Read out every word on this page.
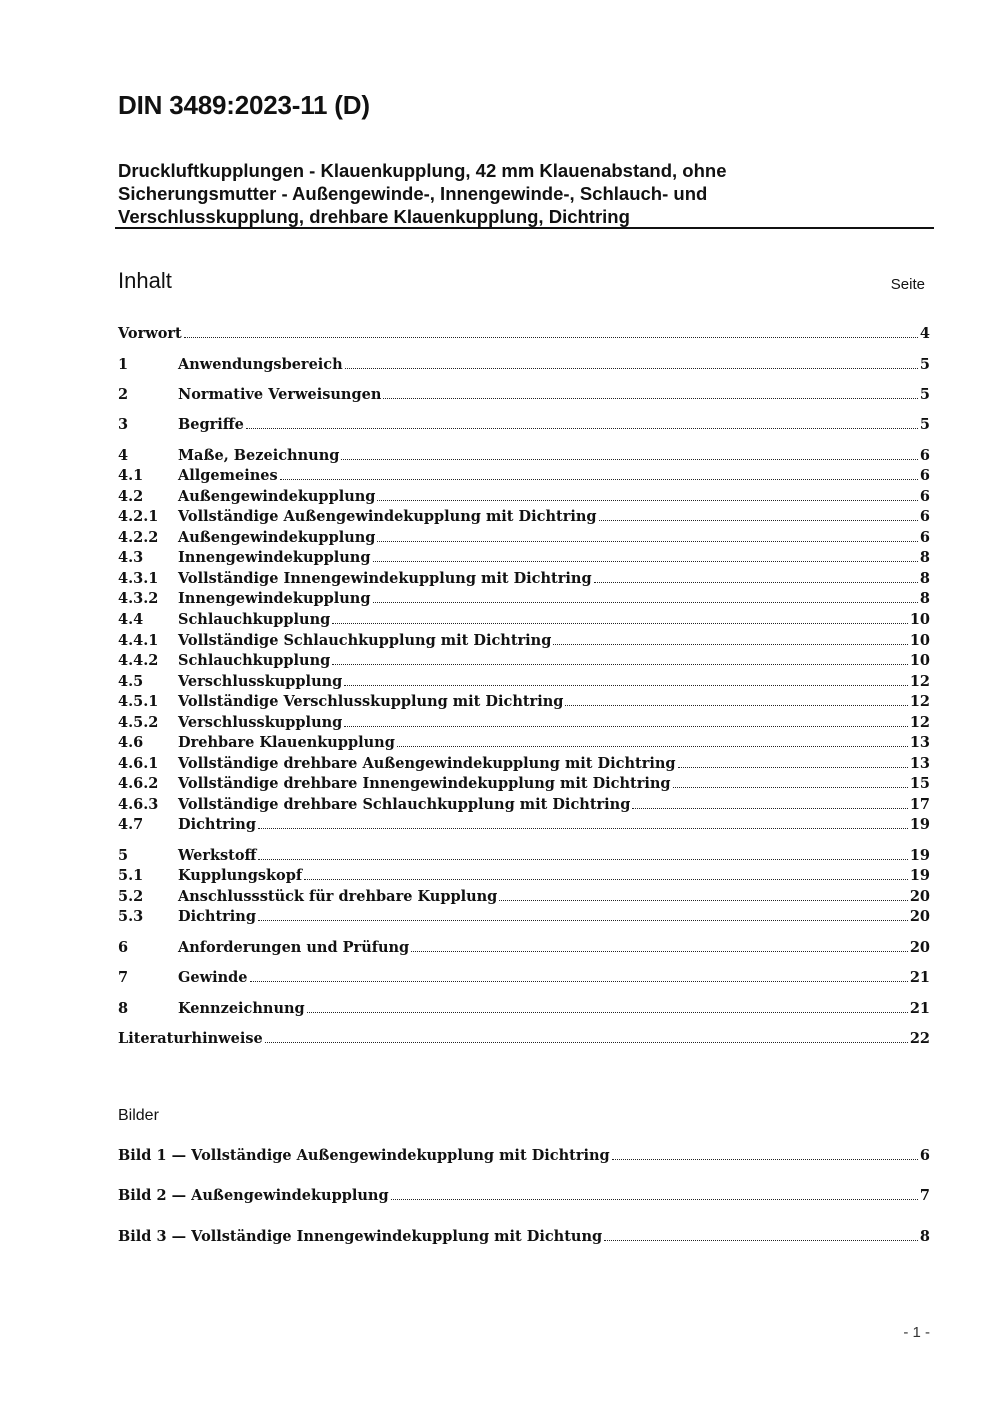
DIN 3489:2023-11 (D)
Druckluftkupplungen - Klauenkupplung, 42 mm Klauenabstand, ohne
Sicherungsmutter - Außengewinde-, Innengewinde-, Schlauch- und
Verschlusskupplung, drehbare Klauenkupplung, Dichtring
Inhalt	Seite
Vorwort	4
1	Anwendungsbereich	5
2	Normative Verweisungen	5
3	Begriffe	5
4	Maße, Bezeichnung	6
4.1	Allgemeines	6
4.2	Außengewindekupplung	6
4.2.1	Vollständige Außengewindekupplung mit Dichtring	6
4.2.2	Außengewindekupplung	6
4.3	Innengewindekupplung	8
4.3.1	Vollständige Innengewindekupplung mit Dichtring	8
4.3.2	Innengewindekupplung	8
4.4	Schlauchkupplung	10
4.4.1	Vollständige Schlauchkupplung mit Dichtring	10
4.4.2	Schlauchkupplung	10
4.5	Verschlusskupplung	12
4.5.1	Vollständige Verschlusskupplung mit Dichtring	12
4.5.2	Verschlusskupplung	12
4.6	Drehbare Klauenkupplung	13
4.6.1	Vollständige drehbare Außengewindekupplung mit Dichtring	13
4.6.2	Vollständige drehbare Innengewindekupplung mit Dichtring	15
4.6.3	Vollständige drehbare Schlauchkupplung mit Dichtring	17
4.7	Dichtring	19
5	Werkstoff	19
5.1	Kupplungskopf	19
5.2	Anschlussstück für drehbare Kupplung	20
5.3	Dichtring	20
6	Anforderungen und Prüfung	20
7	Gewinde	21
8	Kennzeichnung	21
Literaturhinweise	22
Bilder
Bild 1 — Vollständige Außengewindekupplung mit Dichtring	6
Bild 2 — Außengewindekupplung	7
Bild 3 — Vollständige Innengewindekupplung mit Dichtung	8
- 1 -
